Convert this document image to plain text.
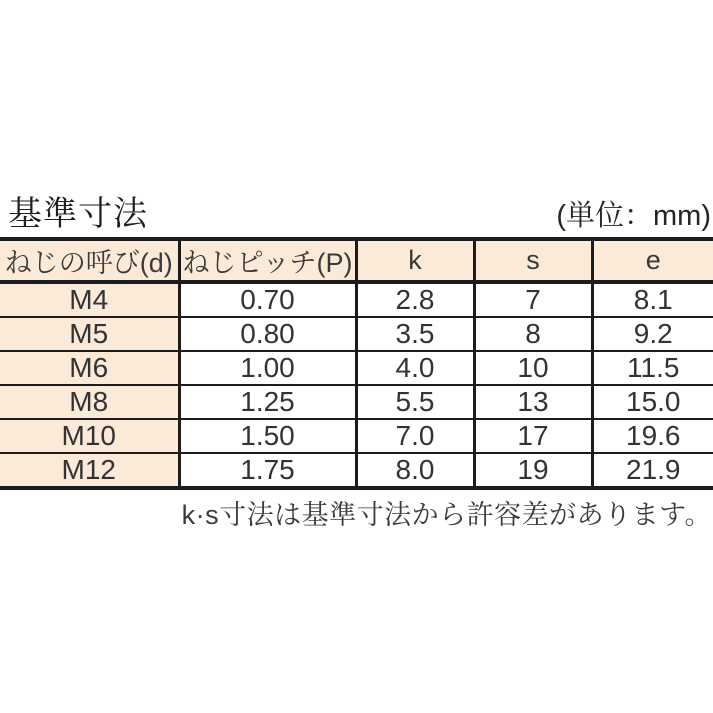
基準寸法	(単位：mm)
ねじの呼び(d)	ねじピッチ(P)	k	s	e
M4	0.70	2.8	7	8.1
M5	0.80	3.5	8	9.2
M6	1.00	4.0	10	11.5
M8	1.25	5.5	13	15.0
M10	1.50	7.0	17	19.6
M12	1.75	8.0	19	21.9
k·s寸法は基準寸法から許容差があります。
